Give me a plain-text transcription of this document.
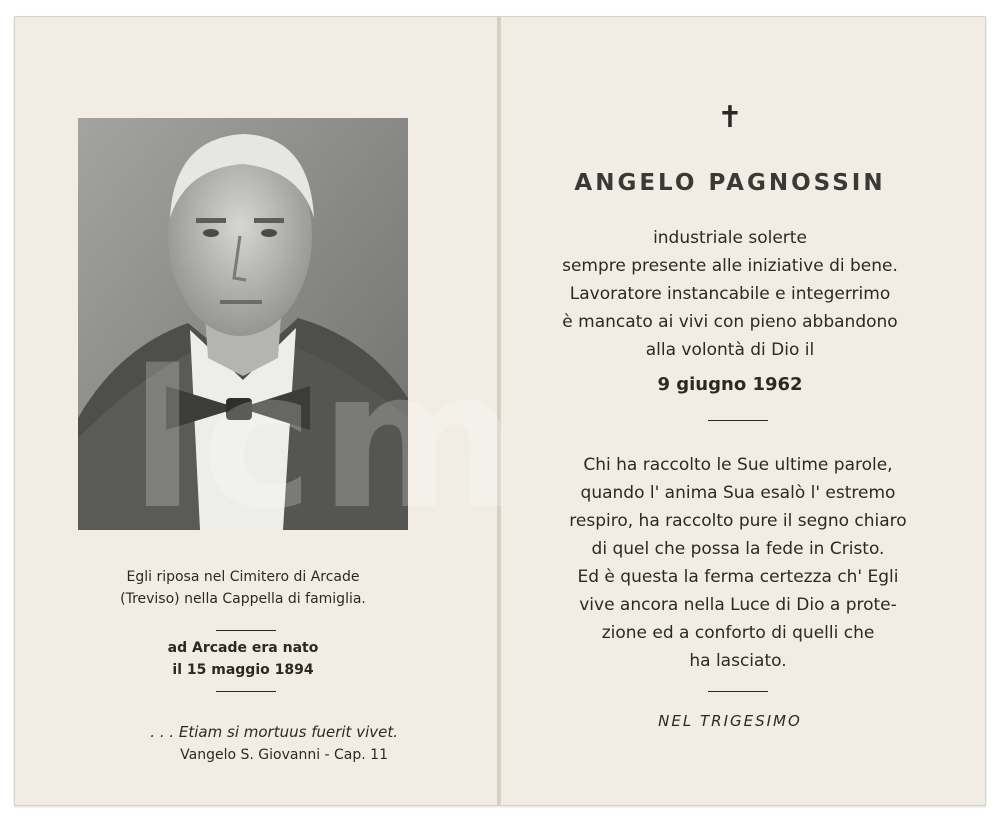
lcm
Egli riposa nel Cimitero di Arcade
(Treviso) nella Cappella di famiglia.
ad Arcade era nato
il 15 maggio 1894
. . . Etiam si mortuus fuerit vivet.
Vangelo S. Giovanni - Cap. 11
✝
ANGELO PAGNOSSIN
industriale solerte
sempre presente alle iniziative di bene.
Lavoratore instancabile e integerrimo
è mancato ai vivi con pieno abbandono
alla volontà di Dio il
9 giugno 1962
Chi ha raccolto le Sue ultime parole,
quando l' anima Sua esalò l' estremo
respiro, ha raccolto pure il segno chiaro
di quel che possa la fede in Cristo.
Ed è questa la ferma certezza ch' Egli
vive ancora nella Luce di Dio a prote-
zione ed a conforto di quelli che
ha lasciato.
NEL TRIGESIMO
